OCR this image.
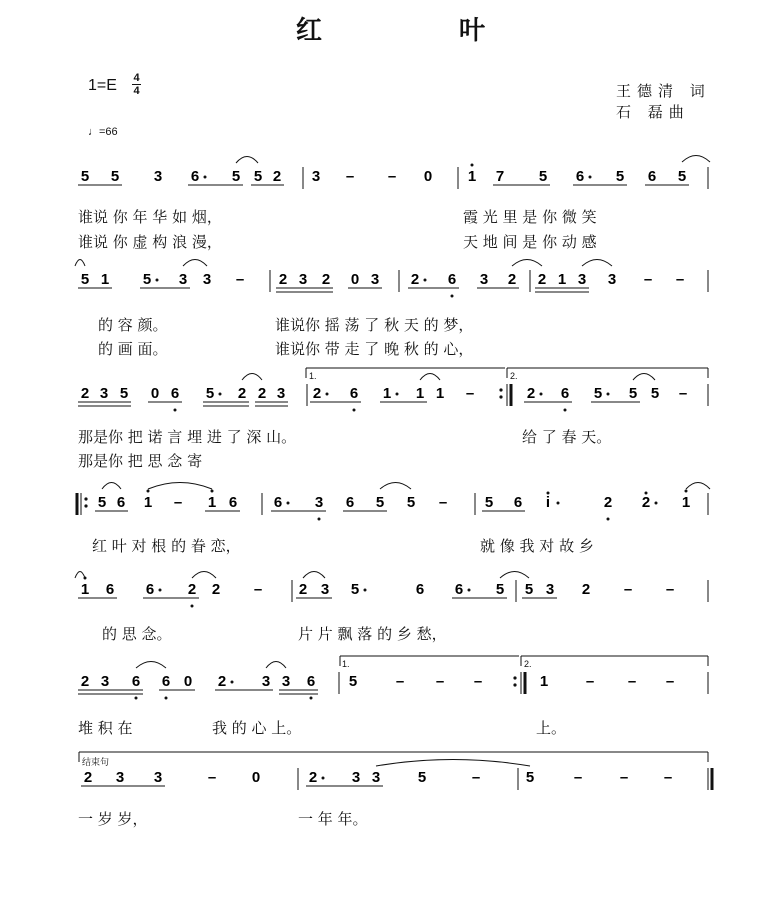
红	叶
1=E 4
4
♩=66
王德清 词
石 磊曲
5 5 3 6 5 5 2 3 – – 0 1 7 5 6 5 6 5
5 1 5 3 3 – 2 3 2 0 3 2 6 3 2 2 1 3 3 – –
2 3 5 0 6 5 2 2 3 2 6 1 1 1 –	2 6 5 5 5 –
5 6 1 – 1 6 6 3 6 5 5 –	5 6 i	2 2 1
1 6 6 2 2 – 2 3 5	6 6 5 5 3 2 – –
2 3 6 6 0 2 3 3 6 5	– – –	1	– – –
2 3 3	– 0	2 3 3	5	–	5	–	– –
谁说 你 年 华 如 烟，	霞 光 里 是 你 微 笑
谁说 你 虚 构 浪 漫，	天 地 间 是 你 动 感
的 容 颜。	谁说你 摇 荡 了 秋 天 的 梦，
的 画 面。	谁说你 带 走 了 晚 秋 的 心，
那是你 把 诺 言 埋 进 了 深 山。	给 了 春 天。
那是你 把 思 念 寄
红 叶 对 根 的 眷 恋，	就 像 我 对 故 乡
的 思 念。	片 片 飘 落 的 乡 愁，
堆 积 在	我 的 心 上。	上。
一 岁 岁，	一 年 年。
1.	2.
1.	2.
结束句
